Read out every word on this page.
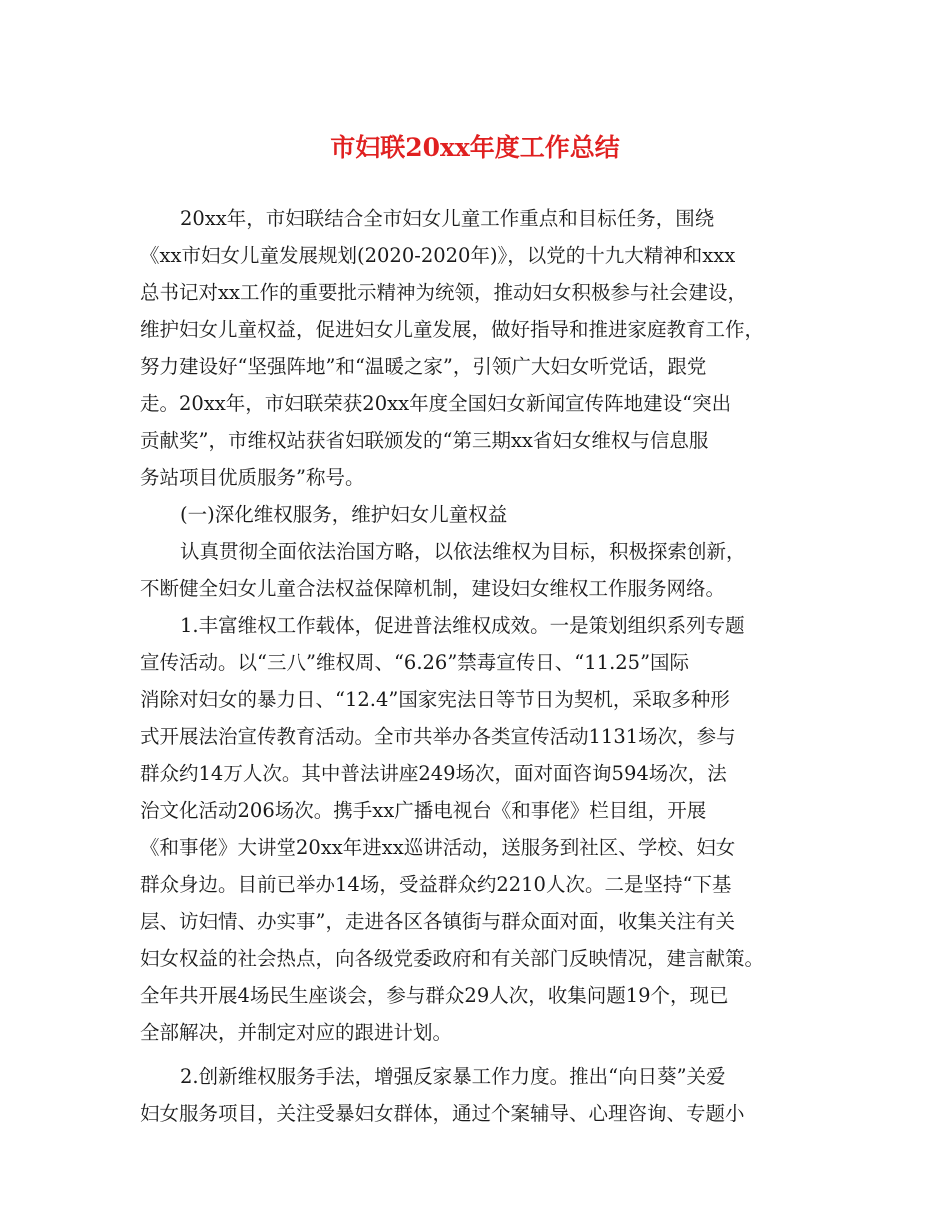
市妇联20xx年度工作总结
20xx年，市妇联结合全市妇女儿童工作重点和目标任务，围绕
《xx市妇女儿童发展规划(2020-2020年)》，以党的十九大精神和xxx
总书记对xx工作的重要批示精神为统领，推动妇女积极参与社会建设，
维护妇女儿童权益，促进妇女儿童发展，做好指导和推进家庭教育工作，
努力建设好“坚强阵地”和“温暖之家”，引领广大妇女听党话，跟党
走。20xx年，市妇联荣获20xx年度全国妇女新闻宣传阵地建设“突出
贡献奖”，市维权站获省妇联颁发的“第三期xx省妇女维权与信息服
务站项目优质服务”称号。
(一)深化维权服务，维护妇女儿童权益
认真贯彻全面依法治国方略，以依法维权为目标，积极探索创新，
不断健全妇女儿童合法权益保障机制，建设妇女维权工作服务网络。
1.丰富维权工作载体，促进普法维权成效。一是策划组织系列专题
宣传活动。以“三八”维权周、“6.26”禁毒宣传日、“11.25”国际
消除对妇女的暴力日、“12.4”国家宪法日等节日为契机，采取多种形
式开展法治宣传教育活动。全市共举办各类宣传活动1131场次，参与
群众约14万人次。其中普法讲座249场次，面对面咨询594场次，法
治文化活动206场次。携手xx广播电视台《和事佬》栏目组，开展
《和事佬》大讲堂20xx年进xx巡讲活动，送服务到社区、学校、妇女
群众身边。目前已举办14场，受益群众约2210人次。二是坚持“下基
层、访妇情、办实事”，走进各区各镇街与群众面对面，收集关注有关
妇女权益的社会热点，向各级党委政府和有关部门反映情况，建言献策。
全年共开展4场民生座谈会，参与群众29人次，收集问题19个，现已
全部解决，并制定对应的跟进计划。
2.创新维权服务手法，增强反家暴工作力度。推出“向日葵”关爱
妇女服务项目，关注受暴妇女群体，通过个案辅导、心理咨询、专题小
